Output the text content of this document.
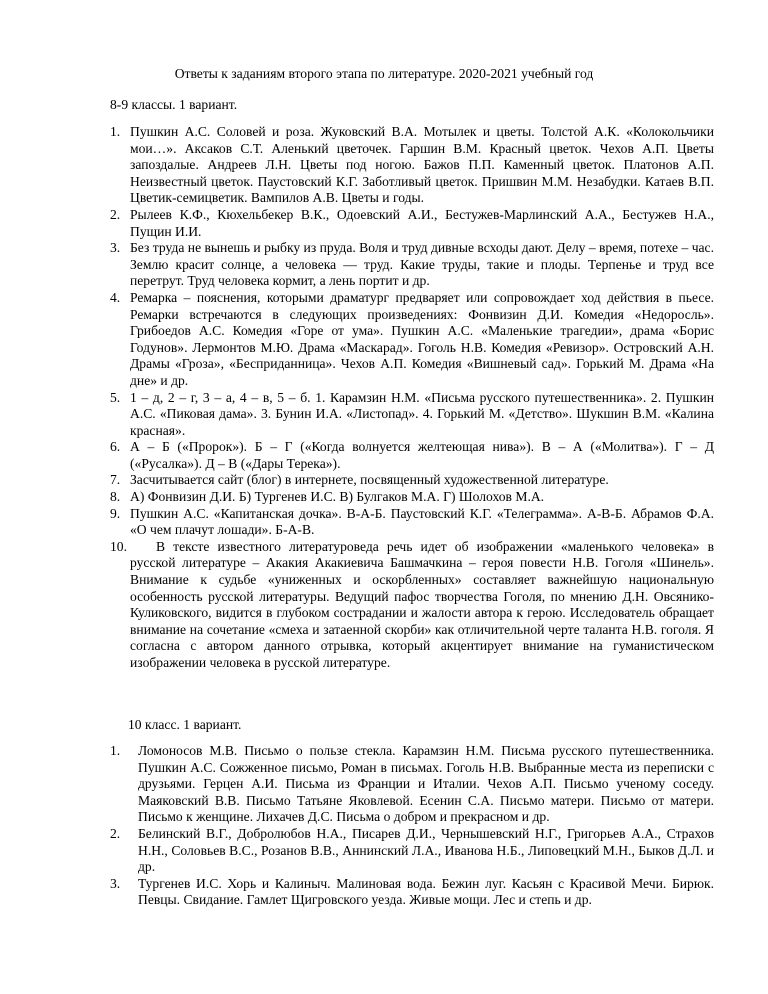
Ответы к заданиям второго этапа по литературе. 2020-2021 учебный год
8-9 классы. 1 вариант.
1. Пушкин А.С. Соловей и роза. Жуковский В.А. Мотылек и цветы. Толстой А.К. «Колокольчики мои…». Аксаков С.Т. Аленький цветочек. Гаршин В.М. Красный цветок. Чехов А.П. Цветы запоздалые. Андреев Л.Н. Цветы под ногою. Бажов П.П. Каменный цветок. Платонов А.П. Неизвестный цветок. Паустовский К.Г. Заботливый цветок. Пришвин М.М. Незабудки. Катаев В.П. Цветик-семицветик. Вампилов А.В. Цветы и годы.
2. Рылеев К.Ф., Кюхельбекер В.К., Одоевский А.И., Бестужев-Марлинский А.А., Бестужев Н.А., Пущин И.И.
3. Без труда не вынешь и рыбку из пруда. Воля и труд дивные всходы дают. Делу – время, потехе – час. Землю красит солнце, а человека — труд. Какие труды, такие и плоды. Терпенье и труд все перетрут. Труд человека кормит, а лень портит и др.
4. Ремарка – пояснения, которыми драматург предваряет или сопровождает ход действия в пьесе. Ремарки встречаются в следующих произведениях: Фонвизин Д.И. Комедия «Недоросль». Грибоедов А.С. Комедия «Горе от ума». Пушкин А.С. «Маленькие трагедии», драма «Борис Годунов». Лермонтов М.Ю. Драма «Маскарад». Гоголь Н.В. Комедия «Ревизор». Островский А.Н. Драмы «Гроза», «Бесприданница». Чехов А.П. Комедия «Вишневый сад». Горький М. Драма «На дне» и др.
5. 1 – д, 2 – г, 3 – а, 4 – в, 5 – б. 1. Карамзин Н.М. «Письма русского путешественника». 2. Пушкин А.С. «Пиковая дама». 3. Бунин И.А. «Листопад». 4. Горький М. «Детство». Шукшин В.М. «Калина красная».
6. А – Б («Пророк»). Б – Г («Когда волнуется желтеющая нива»). В – А («Молитва»). Г – Д («Русалка»). Д – В («Дары Терека»).
7. Засчитывается сайт (блог) в интернете, посвященный художественной литературе.
8. А) Фонвизин Д.И. Б) Тургенев И.С. В) Булгаков М.А. Г) Шолохов М.А.
9. Пушкин А.С. «Капитанская дочка». В-А-Б. Паустовский К.Г. «Телеграмма». А-В-Б. Абрамов Ф.А. «О чем плачут лошади». Б-А-В.
10. В тексте известного литературоведа речь идет об изображении «маленького человека» в русской литературе – Акакия Акакиевича Башмачкина – героя повести Н.В. Гоголя «Шинель». Внимание к судьбе «униженных и оскорбленных» составляет важнейшую национальную особенность русской литературы. Ведущий пафос творчества Гоголя, по мнению Д.Н. Овсянико-Куликовского, видится в глубоком сострадании и жалости автора к герою. Исследователь обращает внимание на сочетание «смеха и затаенной скорби» как отличительной черте таланта Н.В. гоголя. Я согласна с автором данного отрывка, который акцентирует внимание на гуманистическом изображении человека в русской литературе.
10 класс. 1 вариант.
1. Ломоносов М.В. Письмо о пользе стекла. Карамзин Н.М. Письма русского путешественника. Пушкин А.С. Сожженное письмо, Роман в письмах. Гоголь Н.В. Выбранные места из переписки с друзьями. Герцен А.И. Письма из Франции и Италии. Чехов А.П. Письмо ученому соседу. Маяковский В.В. Письмо Татьяне Яковлевой. Есенин С.А. Письмо матери. Письмо от матери. Письмо к женщине. Лихачев Д.С. Письма о добром и прекрасном и др.
2. Белинский В.Г., Добролюбов Н.А., Писарев Д.И., Чернышевский Н.Г., Григорьев А.А., Страхов Н.Н., Соловьев В.С., Розанов В.В., Аннинский Л.А., Иванова Н.Б., Липовецкий М.Н., Быков Д.Л. и др.
3. Тургенев И.С. Хорь и Калиныч. Малиновая вода. Бежин луг. Касьян с Красивой Мечи. Бирюк. Певцы. Свидание. Гамлет Щигровского уезда. Живые мощи. Лес и степь и др.
